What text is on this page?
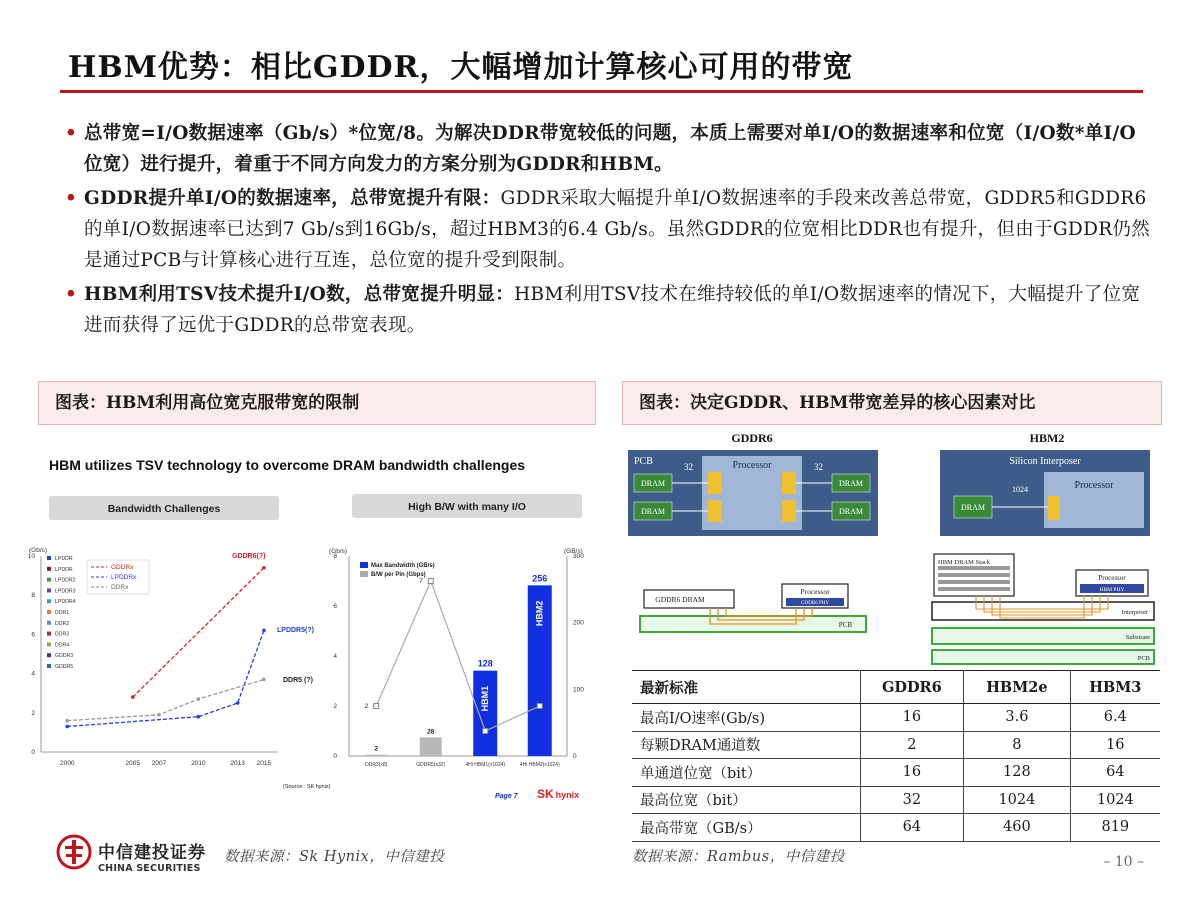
HBM优势：相比GDDR，大幅增加计算核心可用的带宽
• 总带宽=I/O数据速率（Gb/s）*位宽/8。为解决DDR带宽较低的问题，本质上需要对单I/O的数据速率和位宽（I/O数*单I/O位宽）进行提升，着重于不同方向发力的方案分别为GDDR和HBM。
• GDDR提升单I/O的数据速率，总带宽提升有限：GDDR采取大幅提升单I/O数据速率的手段来改善总带宽，GDDR5和GDDR6的单I/O数据速率已达到7 Gb/s到16Gb/s，超过HBM3的6.4 Gb/s。虽然GDDR的位宽相比DDR也有提升，但由于GDDR仍然是通过PCB与计算核心进行互连，总位宽的提升受到限制。
• HBM利用TSV技术提升I/O数，总带宽提升明显：HBM利用TSV技术在维持较低的单I/O数据速率的情况下，大幅提升了位宽进而获得了远优于GDDR的总带宽表现。
图表：HBM利用高位宽克服带宽的限制	图表：决定GDDR、HBM带宽差异的核心因素对比
HBM utilizes TSV technology to overcome DRAM bandwidth challenges
Bandwidth Challenges	High B/W with many I/O
(Gb/s)
0
2
4
6
8
10
2000	2005 2007	2010	2013 2015
LPDDR
LPDDR
LPDDR2
LPDDR3
LPDDR4
DDR1
DDR2
DDR3
DDR4
GDDR3
GDDR5
GDDRx
LPDDRx
DDRx
GDDR6(?)
LPDDR5(?)
DDR5 (?)
(Gb/s)	(GB/s)
0
2
4
6
8
0
100
200
300
Max Bandwidth (GB/s)
B/W per Pin (Gbps)
2
DDR3(x8)
28
GDDR5(x32)
128
HBM1
4Hi HBM1(x1024)
256
HBM2
4Hi HBM2(x1024)
2
7
Page 7
(Source : SK hynix)	SK hynix
GDDR6	HBM2
PCB	Processor
DRAM
DRAM
DRAM
DRAM
32	32	Silicon Interposer
Processor
DRAM
1024
PCB
GDDR6 DRAM
Processor
GDDR6 PHY
PCB
Substrate
Interposer
HBM DRAM Stack
Processor
HBM PHY
最新标准	GDDR6	HBM2e	HBM3
最高I/O速率(Gb/s)	16	3.6	6.4
每颗DRAM通道数	2	8	16
单通道位宽（bit）	16	128	64
最高位宽（bit）	32	1024	1024
最高带宽（GB/s）	64	460	819
中信建投证券
CHINA SECURITIES
数据来源：Sk Hynix，中信建投	数据来源：Rambus，中信建投	– 10 –
